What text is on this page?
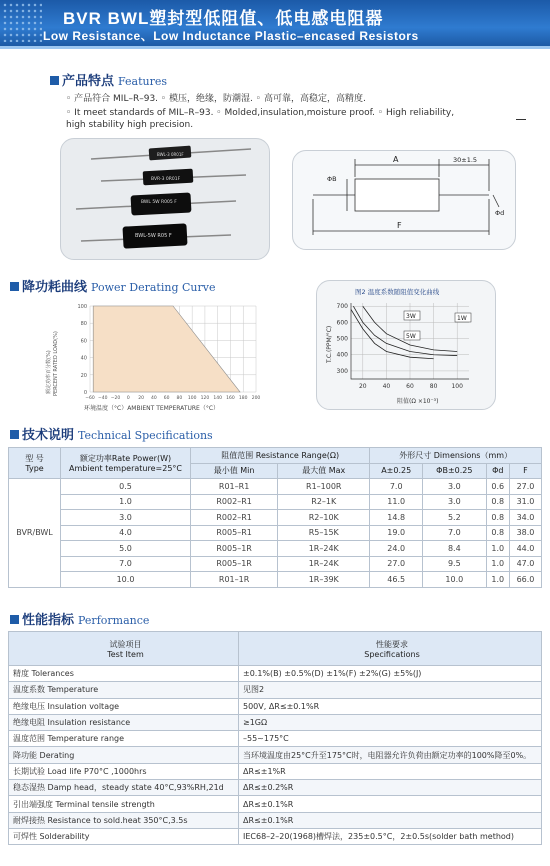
BVR BWL塑封型低阻值、低电感电阻器
Low Resistance、Low Inductance Plastic–encased Resistors
产品特点 Features
◦ 产品符合 MIL–R–93. ◦ 模压，绝缘，防潮湿. ◦ 高可靠，高稳定，高精度.
◦ It meet standards of MIL–R–93. ◦ Molded,insulation,moisture proof. ◦ High reliability,
high stability high precision.
BWL-3 0R01F
BVR-3 0R01F
BWL 5W R005 F
BWL-5W R05 F
A
ΦB
30±1.5
Φd
F
降功耗曲线 Power Derating Curve
100
80
60
40
20
0
−60 −40 −20 0 20 40 60 80 100 120 140 160 180 200
额定功率百分数(%) PERCENT RATED LOAD(%)
环境温度（°C）AMBIENT TEMPERATURE（°C）
图2 温度系数随阻值变化曲线
T.C.(PPM/°C)
700
600
500
400
300
20	40	60	80 100
3W
5W
1W
阻值(Ω ×10⁻³)
技术说明 Technical Specifications
型 号
Type	额定功率Rate Power(W)
Ambient temperature=25°C	阻值范围 Resistance Range(Ω)		外形尺寸 Dimensions（mm）			
		最小值 Min	最大值 Max	A±0.25	ΦB±0.25	Φd	F
BVR/BWL	0.5	R01–R1	R1–100R	7.0	3.0	0.6	27.0
	1.0	R002–R1	R2–1K	11.0	3.0	0.8	31.0
	3.0	R002–R1	R2–10K	14.8	5.2	0.8	34.0
	4.0	R005–R1	R5–15K	19.0	7.0	0.8	38.0
	5.0	R005–1R	1R–24K	24.0	8.4	1.0	44.0
	7.0	R005–1R	1R–24K	27.0	9.5	1.0	47.0
	10.0	R01–1R	1R–39K	46.5	10.0	1.0	66.0
性能指标 Performance
试验项目
Test Item	性能要求
Specifications
精度 Tolerances	±0.1%(B) ±0.5%(D) ±1%(F) ±2%(G) ±5%(J)
温度系数 Temperature	见图2
绝缘电压 Insulation voltage	500V, ΔR≤±0.1%R
绝缘电阻 Insulation resistance	≥1GΩ
温度范围 Temperature range	–55~175°C
降功能 Derating	当环境温度由25°C升至175°C时，电阻器允许负荷由额定功率的100%降至0%。
长期试验 Load life P70°C ,1000hrs	ΔR≤±1%R
稳态湿热 Damp head，steady state 40°C,93%RH,21d	ΔR≤±0.2%R
引出端强度 Terminal tensile strength	ΔR≤±0.1%R
耐焊接热 Resistance to sold.heat 350°C,3.5s	ΔR≤±0.1%R
可焊性 Solderability	IEC68–2–20(1968)槽焊法，235±0.5°C，2±0.5s(solder bath method)
